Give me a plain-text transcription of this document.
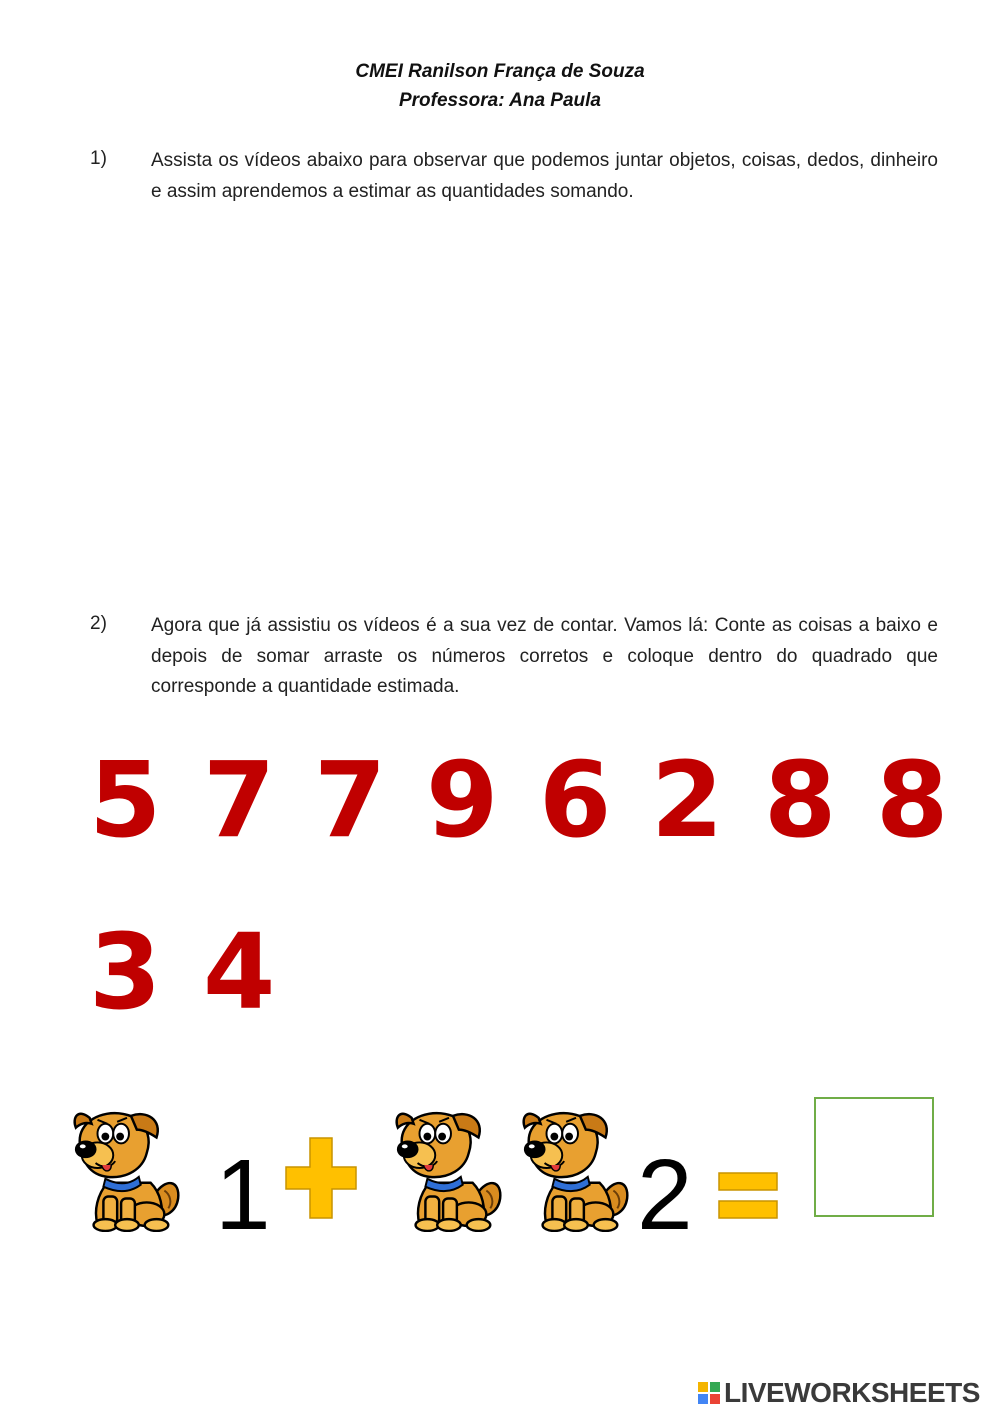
CMEI Ranilson França de Souza
Professora: Ana Paula
1) Assista os vídeos abaixo para observar que podemos juntar objetos, coisas, dedos, dinheiro e assim aprendemos a estimar as quantidades somando.
2) Agora que já assistiu os vídeos é a sua vez de contar. Vamos lá: Conte as coisas a baixo e depois de somar arraste os números corretos e coloque dentro do quadrado que corresponde a quantidade estimada.
5 7 7 9 6 2 8 8
3 4
1	2
LIVEWORKSHEETS
